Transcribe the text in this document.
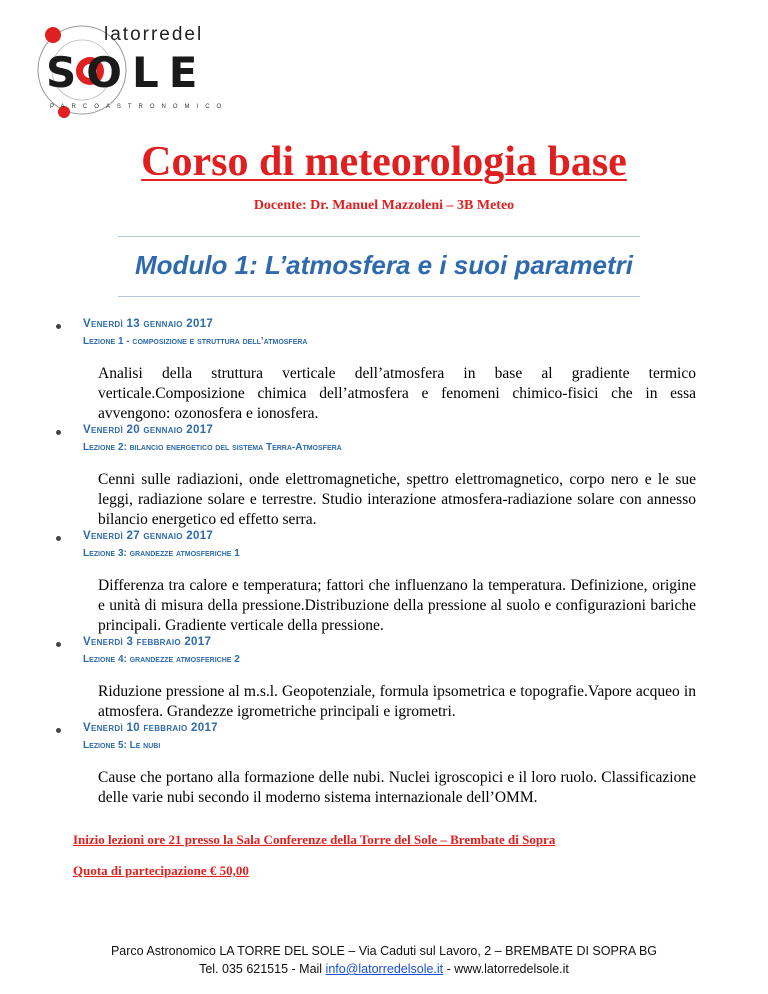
latorredel
SOLE
PARCOASTRONOMICO
Corso di meteorologia base
Docente: Dr. Manuel Mazzoleni – 3B Meteo
Modulo 1: L’atmosfera e i suoi parametri
Venerdì 13 gennaio 2017
Lezione 1 - composizione e struttura dell’atmosfera
Analisi della struttura verticale dell’atmosfera in base al gradiente termico verticale.Composizione chimica dell’atmosfera e fenomeni chimico-fisici che in essa avvengono: ozonosfera e ionosfera.
Venerdì 20 gennaio 2017
Lezione 2: bilancio energetico del sistema Terra-Atmosfera
Cenni sulle radiazioni, onde elettromagnetiche, spettro elettromagnetico, corpo nero e le sue leggi, radiazione solare e terrestre. Studio interazione atmosfera-radiazione solare con annesso bilancio energetico ed effetto serra.
Venerdì 27 gennaio 2017
Lezione 3: grandezze atmosferiche 1
Differenza tra calore e temperatura; fattori che influenzano la temperatura. Definizione, origine e unità di misura della pressione.Distribuzione della pressione al suolo e configurazioni bariche principali. Gradiente verticale della pressione.
Venerdì 3 febbraio 2017
Lezione 4: grandezze atmosferiche 2
Riduzione pressione al m.s.l. Geopotenziale, formula ipsometrica e topografie.Vapore acqueo in atmosfera. Grandezze igrometriche principali e igrometri.
Venerdì 10 febbraio 2017
Lezione 5: Le nubi
Cause che portano alla formazione delle nubi. Nuclei igroscopici e il loro ruolo. Classificazione delle varie nubi secondo il moderno sistema internazionale dell’OMM.
Inizio lezioni ore 21 presso la Sala Conferenze della Torre del Sole – Brembate di Sopra
Quota di partecipazione € 50,00
Parco Astronomico LA TORRE DEL SOLE – Via Caduti sul Lavoro, 2 – BREMBATE DI SOPRA BG
Tel. 035 621515 - Mail info@latorredelsole.it - www.latorredelsole.it
